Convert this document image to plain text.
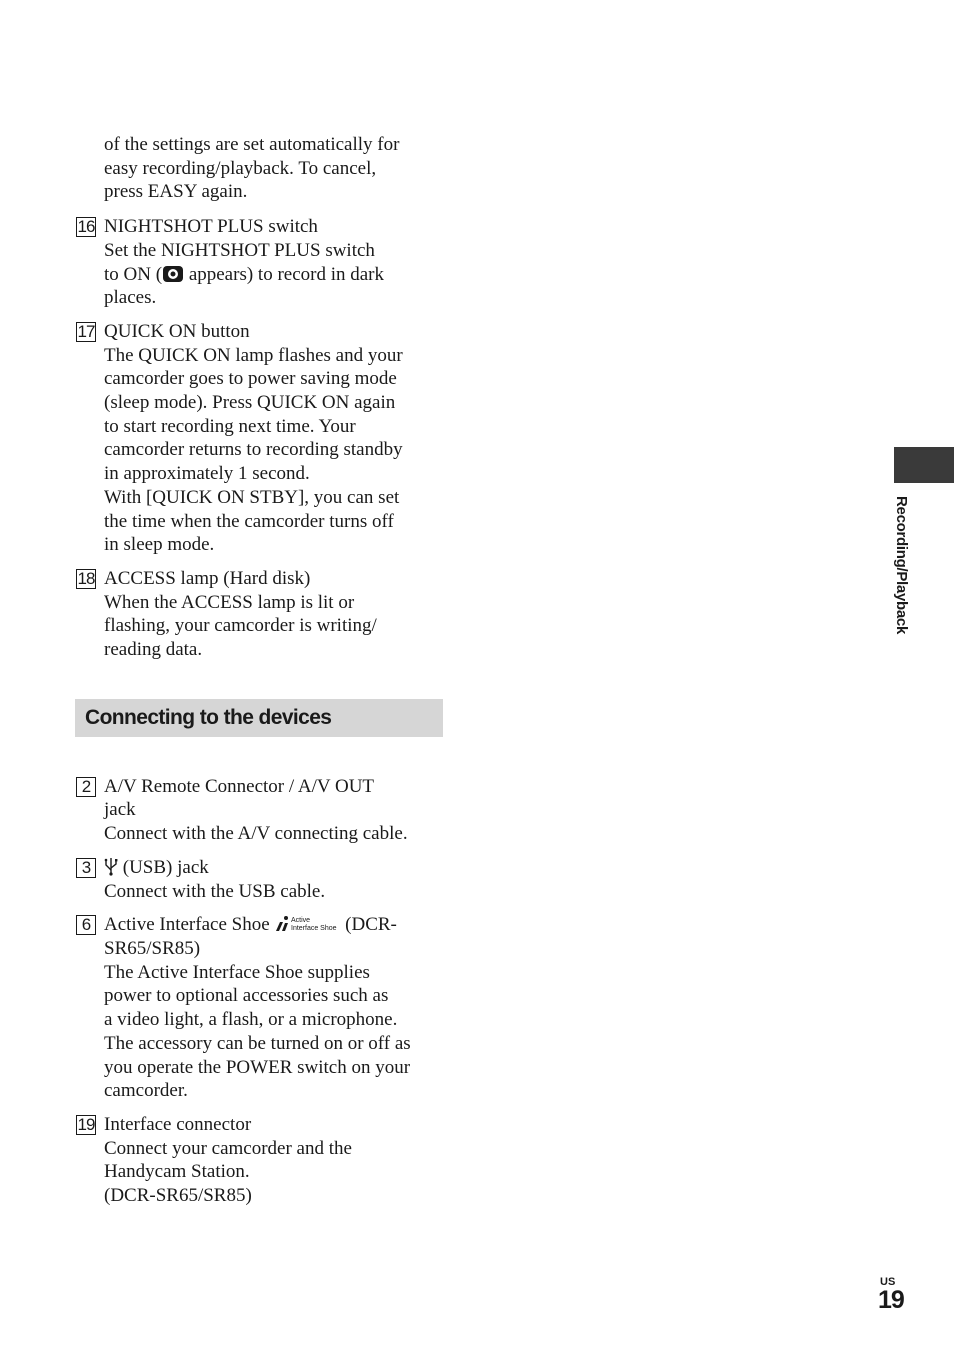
Recording/Playback
of the settings are set automatically for
easy recording/playback. To cancel,
press EASY again.
16 NIGHTSHOT PLUS switch
Set the NIGHTSHOT PLUS switch
to ON ( appears) to record in dark
places.
17 QUICK ON button
The QUICK ON lamp flashes and your
camcorder goes to power saving mode
(sleep mode). Press QUICK ON again
to start recording next time. Your
camcorder returns to recording standby
in approximately 1 second.
With [QUICK ON STBY], you can set
the time when the camcorder turns off
in sleep mode.
18 ACCESS lamp (Hard disk)
When the ACCESS lamp is lit or
flashing, your camcorder is writing/
reading data.
Connecting to the devices
2 A/V Remote Connector / A/V OUT
jack
Connect with the A/V connecting cable.
3	(USB) jack
Connect with the USB cable.
6 Active Interface Shoe Active
Interface Shoe (DCR-
SR65/SR85)
The Active Interface Shoe supplies
power to optional accessories such as
a video light, a flash, or a microphone.
The accessory can be turned on or off as
you operate the POWER switch on your
camcorder.
19 Interface connector
Connect your camcorder and the
Handycam Station.
(DCR-SR65/SR85)
US
19
